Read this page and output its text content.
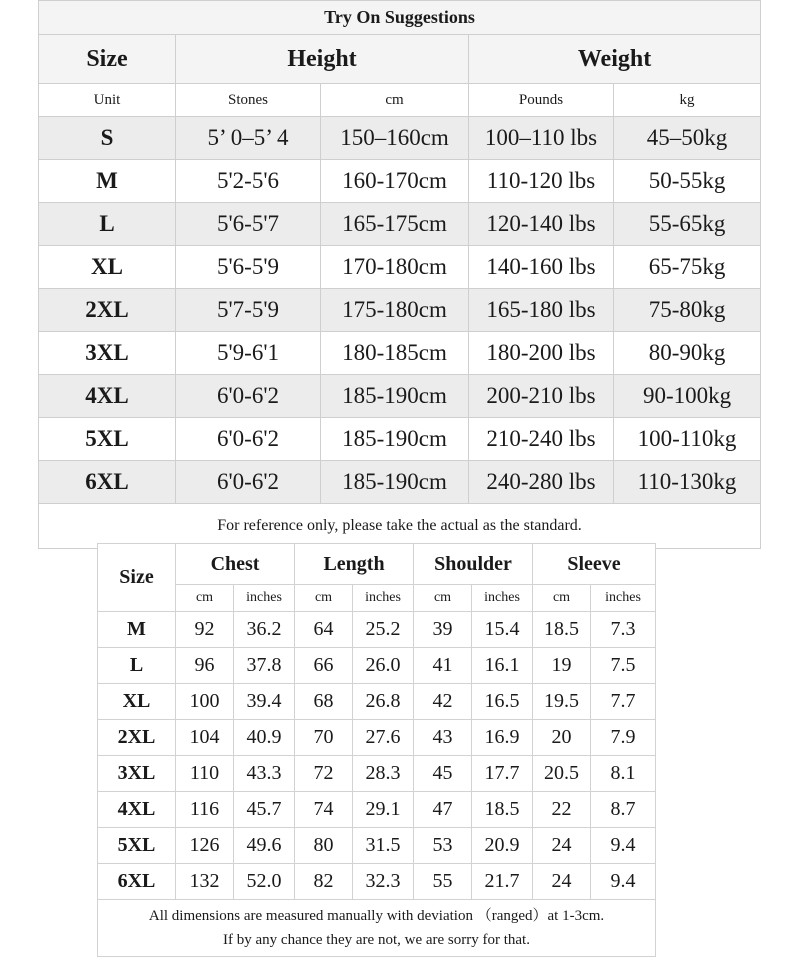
Try On Suggestions				
Size	Height		Weight	
Unit	Stones	cm	Pounds	kg
S	5’ 0–5’ 4	150–160cm	100–110 lbs	45–50kg
M	5'2-5'6	160-170cm	110-120 lbs	50-55kg
L	5'6-5'7	165-175cm	120-140 lbs	55-65kg
XL	5'6-5'9	170-180cm	140-160 lbs	65-75kg
2XL	5'7-5'9	175-180cm	165-180 lbs	75-80kg
3XL	5'9-6'1	180-185cm	180-200 lbs	80-90kg
4XL	6'0-6'2	185-190cm	200-210 lbs	90-100kg
5XL	6'0-6'2	185-190cm	210-240 lbs	100-110kg
6XL	6'0-6'2	185-190cm	240-280 lbs	110-130kg
For reference only, please take the actual as the standard.				
Size	Chest		Length		Shoulder		Sleeve	
	cm	inches	cm	inches	cm	inches	cm	inches
M	92	36.2	64	25.2	39	15.4	18.5	7.3
L	96	37.8	66	26.0	41	16.1	19	7.5
XL	100	39.4	68	26.8	42	16.5	19.5	7.7
2XL	104	40.9	70	27.6	43	16.9	20	7.9
3XL	110	43.3	72	28.3	45	17.7	20.5	8.1
4XL	116	45.7	74	29.1	47	18.5	22	8.7
5XL	126	49.6	80	31.5	53	20.9	24	9.4
6XL	132	52.0	82	32.3	55	21.7	24	9.4

All dimensions are measured manually with deviation （ranged）at 1-3cm.
If by any chance they are not, we are sorry for that.								
